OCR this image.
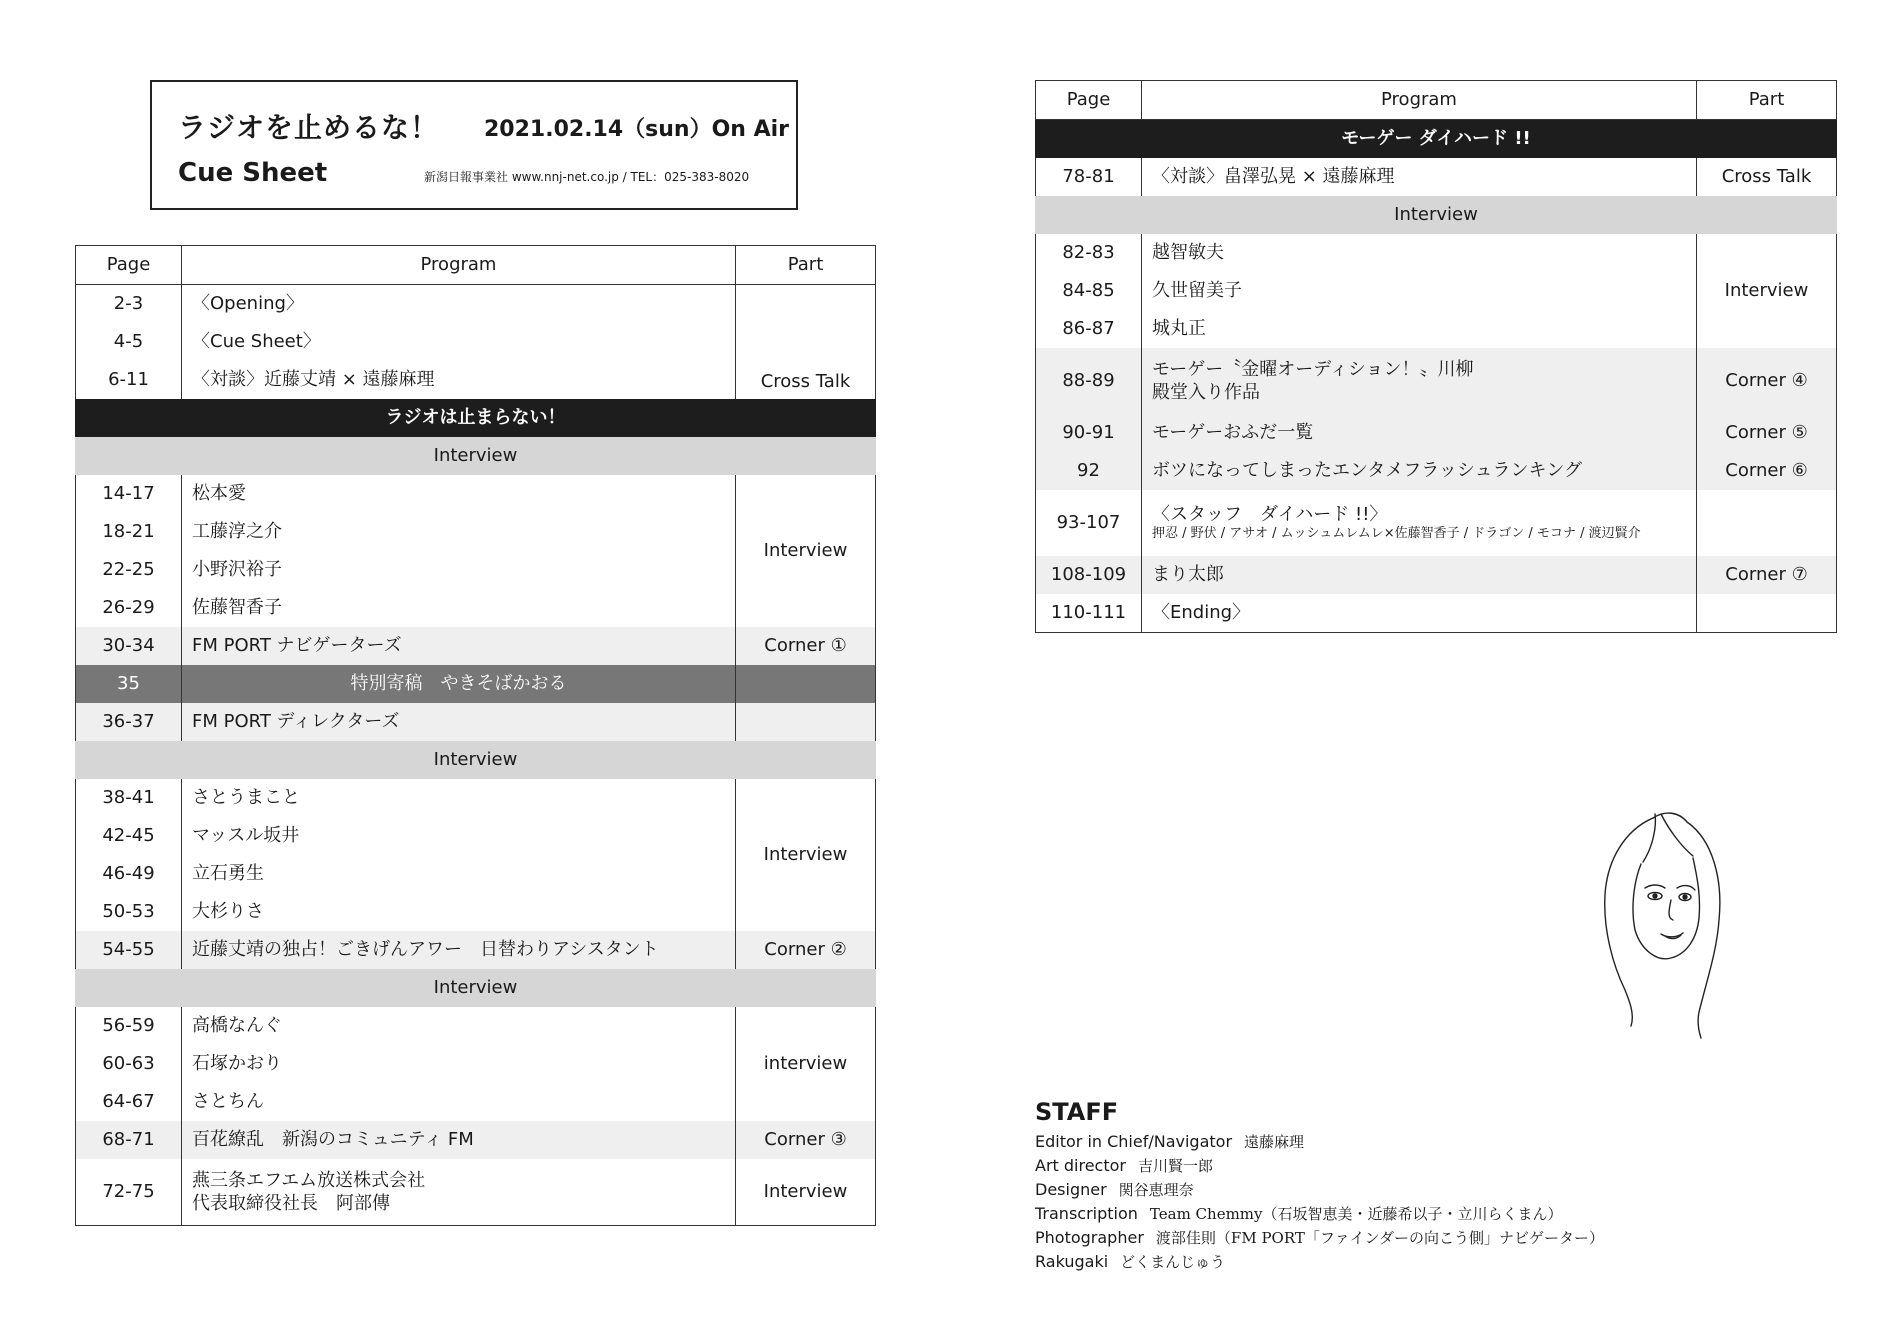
ラジオを止めるな！ 2021.02.14（sun）On Air
Cue Sheet	新潟日報事業社 www.nnj-net.co.jp / TEL：025-383-8020
Page	Program	Part
2-3	〈Opening〉	Cross Talk
4-5	〈Cue Sheet〉	
6-11	〈対談〉近藤丈靖 × 遠藤麻理	
ラジオは止まらない！		
Interview		
14-17	松本愛	Interview
18-21	工藤淳之介	
22-25	小野沢裕子	
26-29	佐藤智香子	
30-34	FM PORT ナビゲーターズ	Corner ①
35	特別寄稿　やきそばかおる	
36-37	FM PORT ディレクターズ	
Interview		
38-41	さとうまこと	Interview
42-45	マッスル坂井	
46-49	立石勇生	
50-53	大杉りさ	
54-55	近藤丈靖の独占！ごきげんアワー　日替わりアシスタント	Corner ②
Interview		
56-59	高橋なんぐ	interview
60-63	石塚かおり	
64-67	さとちん	
68-71	百花繚乱　新潟のコミュニティ FM	Corner ③
72-75	燕三条エフエム放送株式会社
代表取締役社長　阿部傳	Interview
Page	Program	Part
モーゲー ダイハード !!		
78-81	〈対談〉畠澤弘晃 × 遠藤麻理	Cross Talk
Interview		
82-83	越智敏夫	Interview
84-85	久世留美子	
86-87	城丸正	
88-89	モーゲー〝金曜オーディション！〟川柳
殿堂入り作品	Corner ④
90-91	モーゲーおふだ一覧	Corner ⑤
92	ボツになってしまったエンタメフラッシュランキング	Corner ⑥
93-107	〈スタッフ　ダイハード !!〉
押忍 / 野伏 / アサオ / ムッシュムレムレ×佐藤智香子 / ドラゴン / モコナ / 渡辺賢介	

108-109	まり太郎	Corner ⑦
110-111	〈Ending〉	
STAFF
Editor in Chief/Navigator 遠藤麻理
Art director 吉川賢一郎
Designer 関谷恵理奈
Transcription Team Chemmy（石坂智恵美・近藤希以子・立川らくまん）
Photographer 渡部佳則（FM PORT「ファインダーの向こう側」ナビゲーター）
Rakugaki どくまんじゅう
